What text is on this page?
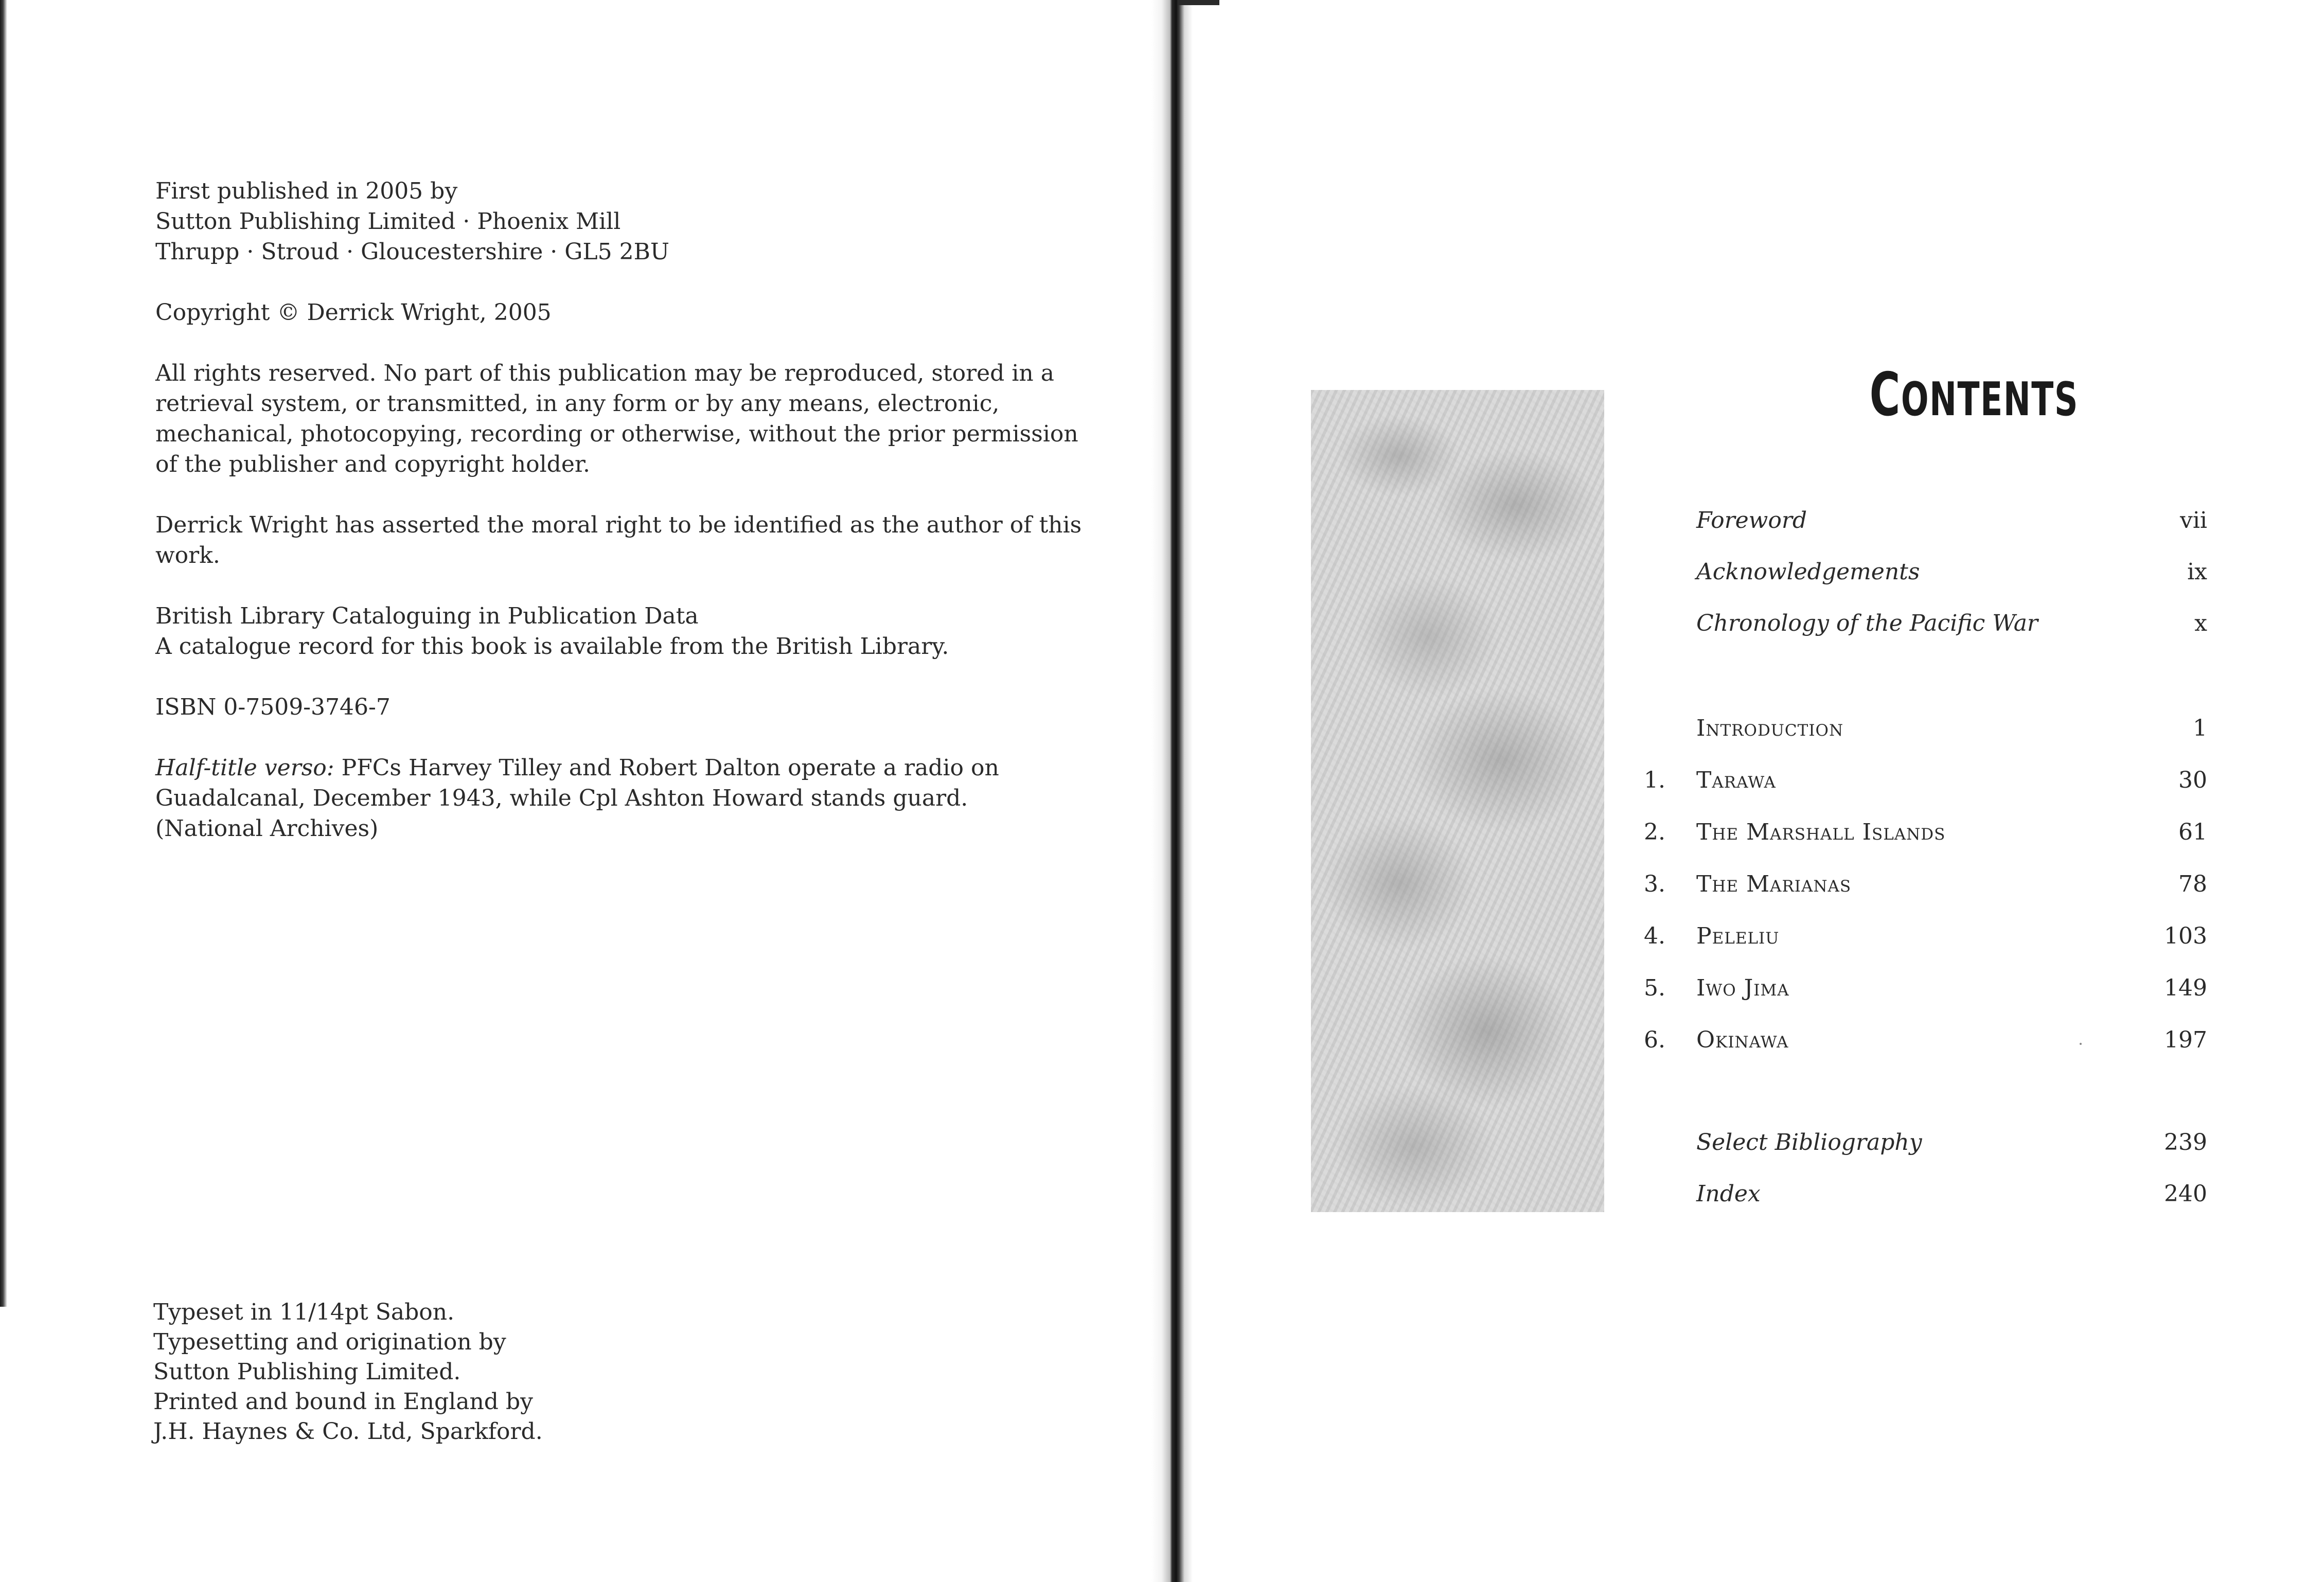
First published in 2005 by
Sutton Publishing Limited · Phoenix Mill
Thrupp · Stroud · Gloucestershire · GL5 2BU

Copyright © Derrick Wright, 2005

All rights reserved. No part of this publication may be reproduced, stored in a
retrieval system, or transmitted, in any form or by any means, electronic,
mechanical, photocopying, recording or otherwise, without the prior permission
of the publisher and copyright holder.

Derrick Wright has asserted the moral right to be identified as the author of this
work.

British Library Cataloguing in Publication Data
A catalogue record for this book is available from the British Library.

ISBN 0-7509-3746-7

Half-title verso: PFCs Harvey Tilley and Robert Dalton operate a radio on
Guadalcanal, December 1943, while Cpl Ashton Howard stands guard.
(National Archives)

Typeset in 11/14pt Sabon.
Typesetting and origination by
Sutton Publishing Limited.
Printed and bound in England by
J.H. Haynes & Co. Ltd, Sparkford.
CONTENTS
Foreword	vii
Acknowledgements	ix
Chronology of the Pacific War	x
Introduction	1
1.	Tarawa	30
2.	The Marshall Islands	61
3.	The Marianas	78
4.	Peleliu	103
5.	Iwo Jima	149
6.	Okinawa	197
Select Bibliography	239
Index	240
